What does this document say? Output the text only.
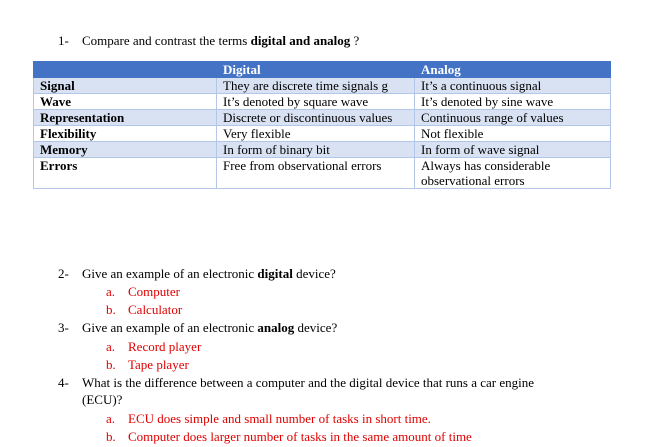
1- Compare and contrast the terms digital and analog ?
	Digital	Analog
Signal	They are discrete time signals g	It’s a continuous signal
Wave	It’s denoted by square wave	It’s denoted by sine wave
Representation	Discrete or discontinuous values	Continuous range of values
Flexibility	Very flexible	Not flexible
Memory	In form of binary bit	In form of wave signal
Errors	Free from observational errors	Always has considerable observational errors
2- Give an example of an electronic digital device?
a. Computer
b. Calculator
3- Give an example of an electronic analog device?
a. Record player
b. Tape player
4- What is the difference between a computer and the digital device that runs a car engine
(ECU)?
a. ECU does simple and small number of tasks in short time.
b. Computer does larger number of tasks in the same amount of time
